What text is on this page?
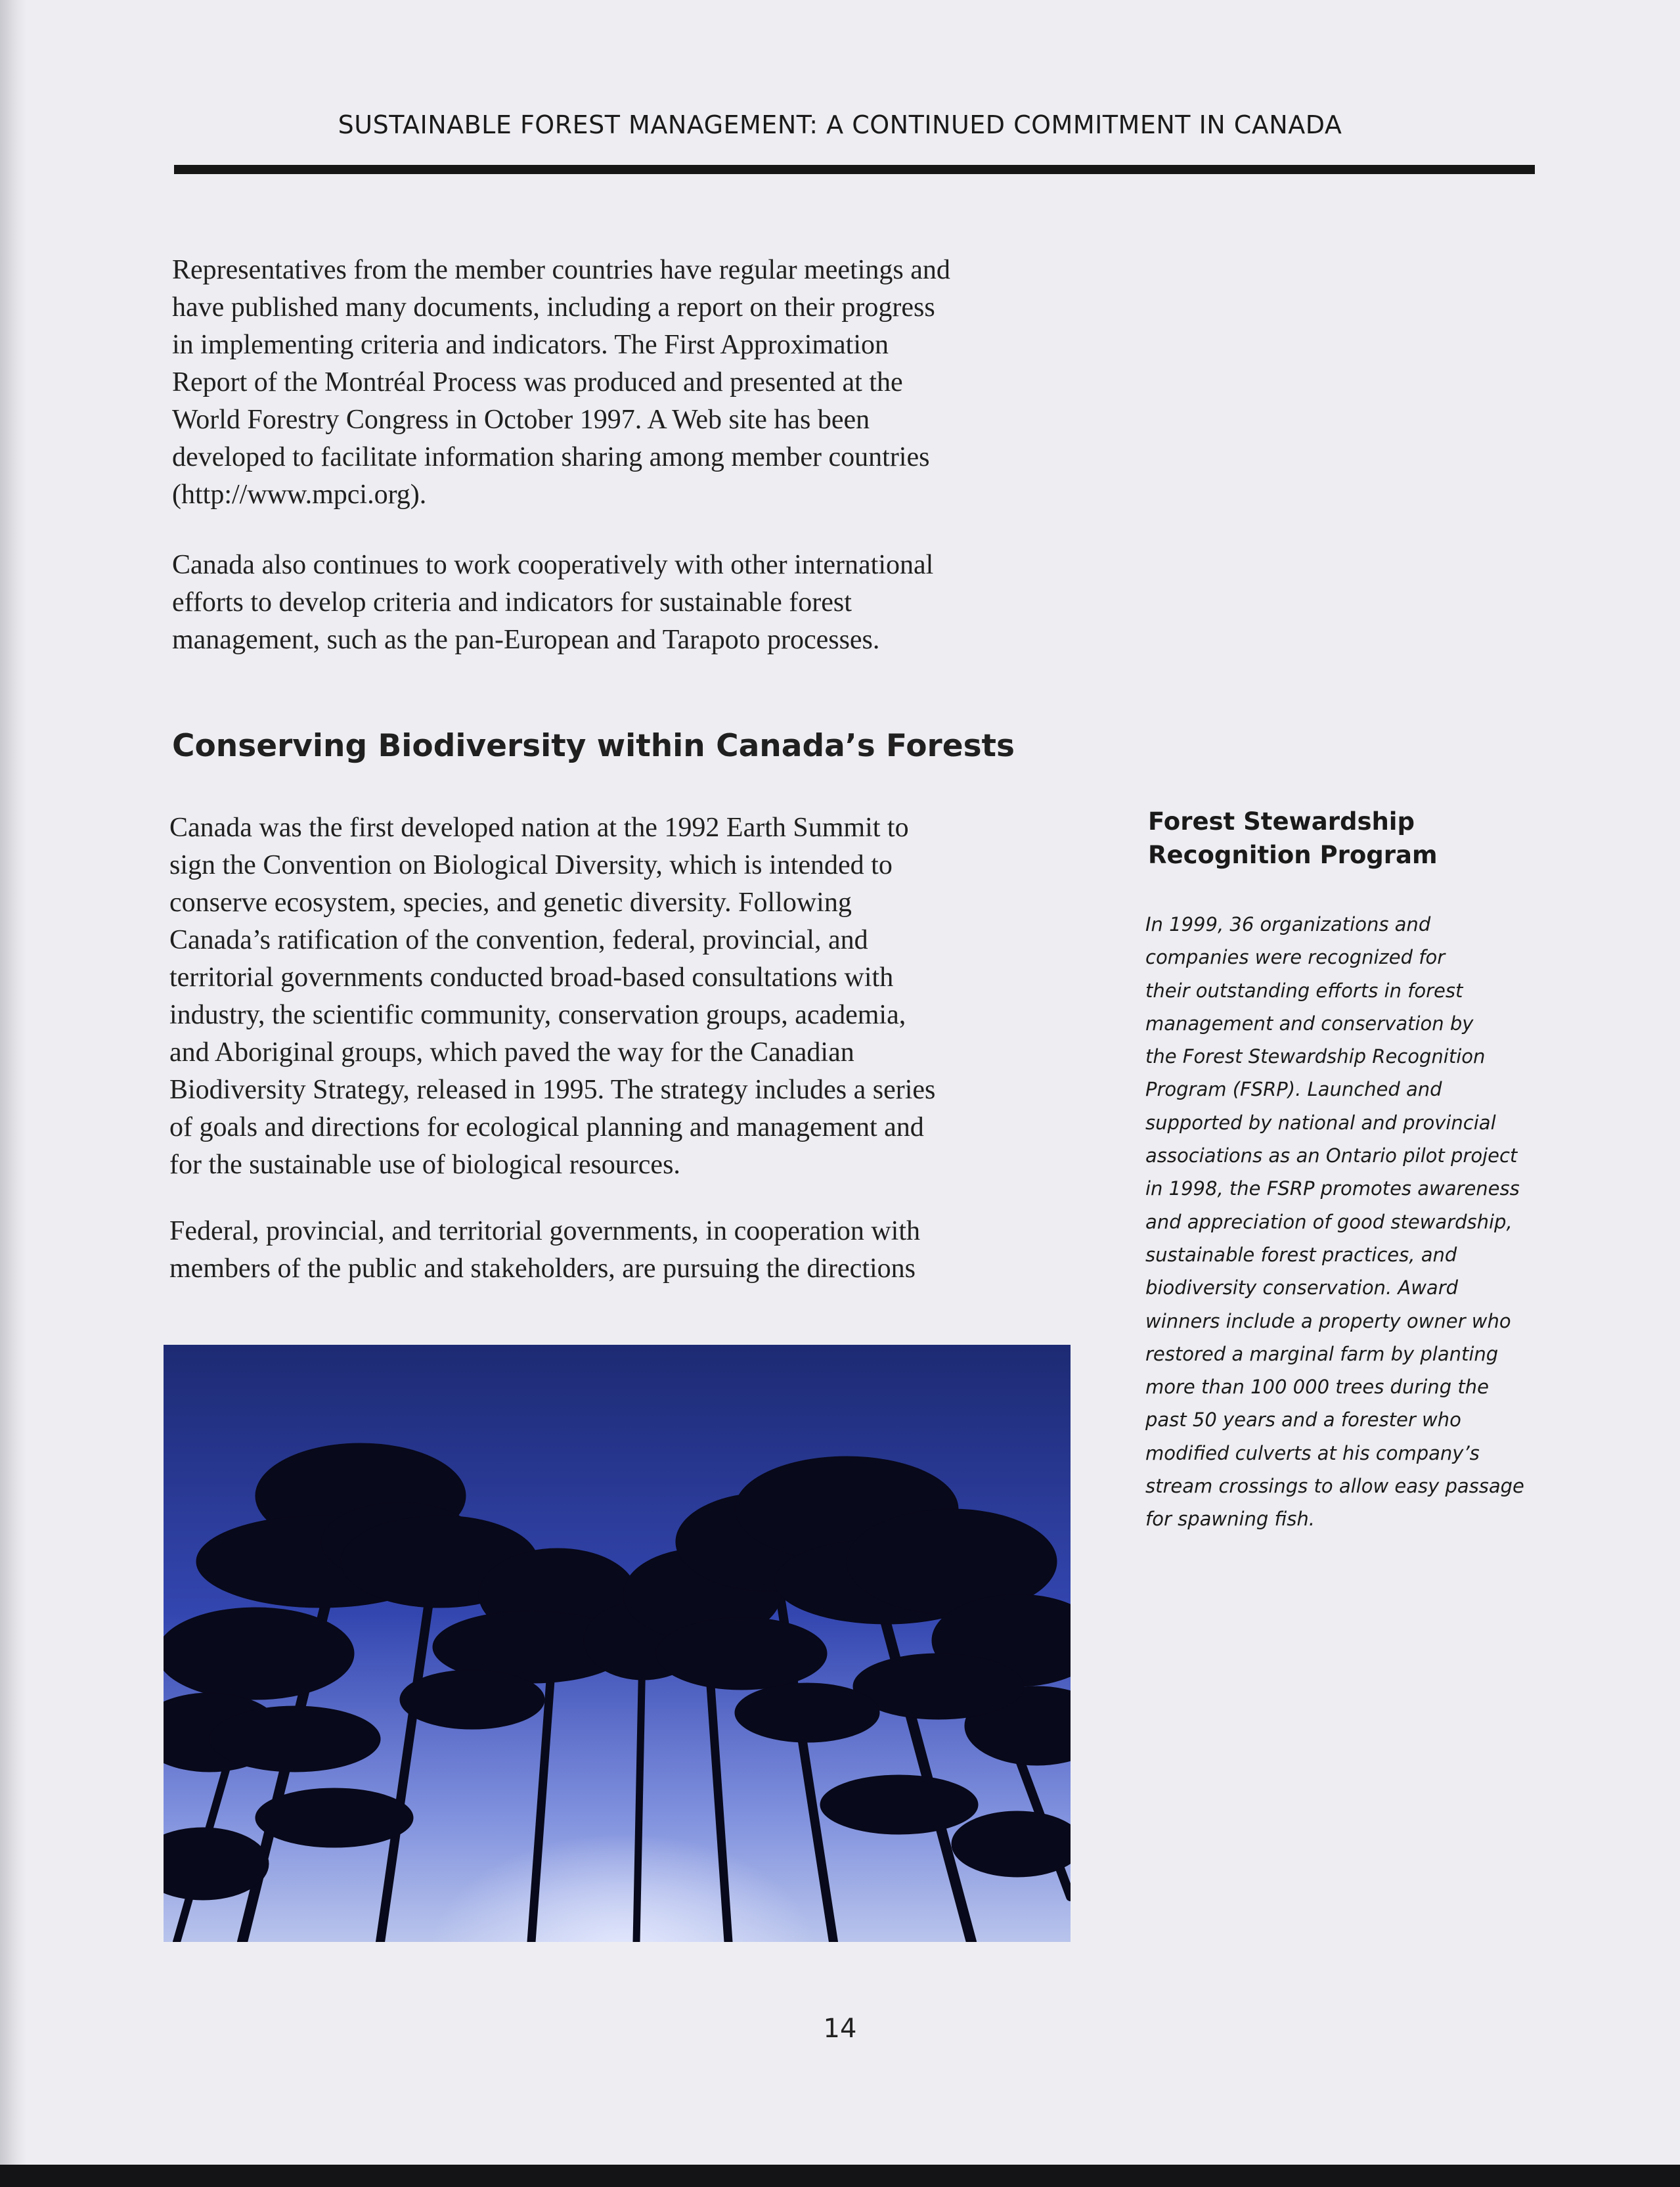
SUSTAINABLE FOREST MANAGEMENT: A CONTINUED COMMITMENT IN CANADA

Representatives from the member countries have regular meetings and
have published many documents, including a report on their progress
in implementing criteria and indicators. The First Approximation
Report of the Montréal Process was produced and presented at the
World Forestry Congress in October 1997. A Web site has been
developed to facilitate information sharing among member countries
(http://www.mpci.org).

Canada also continues to work cooperatively with other international
efforts to develop criteria and indicators for sustainable forest
management, such as the pan-European and Tarapoto processes.

Conserving Biodiversity within Canada’s Forests

Canada was the first developed nation at the 1992 Earth Summit to
sign the Convention on Biological Diversity, which is intended to
conserve ecosystem, species, and genetic diversity. Following
Canada’s ratification of the convention, federal, provincial, and
territorial governments conducted broad-based consultations with
industry, the scientific community, conservation groups, academia,
and Aboriginal groups, which paved the way for the Canadian
Biodiversity Strategy, released in 1995. The strategy includes a series
of goals and directions for ecological planning and management and
for the sustainable use of biological resources.

Federal, provincial, and territorial governments, in cooperation with
members of the public and stakeholders, are pursuing the directions

Forest Stewardship
Recognition Program

In 1999, 36 organizations and
companies were recognized for
their outstanding efforts in forest
management and conservation by
the Forest Stewardship Recognition
Program (FSRP). Launched and
supported by national and provincial
associations as an Ontario pilot project
in 1998, the FSRP promotes awareness
and appreciation of good stewardship,
sustainable forest practices, and
biodiversity conservation. Award
winners include a property owner who
restored a marginal farm by planting
more than 100 000 trees during the
past 50 years and a forester who
modified culverts at his company’s
stream crossings to allow easy passage
for spawning fish.

14
